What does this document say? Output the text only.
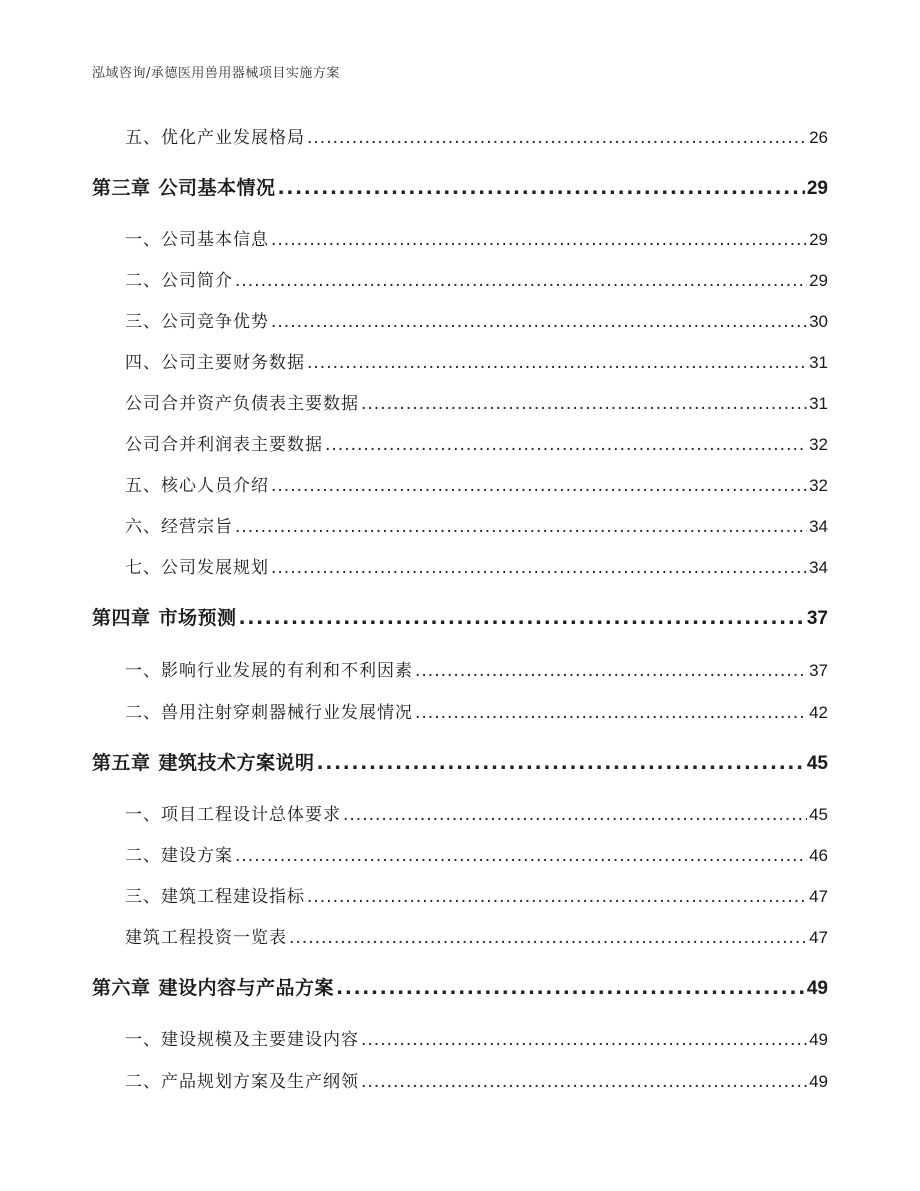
泓域咨询/承德医用兽用器械项目实施方案
五、 优化产业发展格局 .....	26
第三章 公司基本情况 .....	29
一、 公司基本信息 .....	29
二、 公司简介 .....	29
三、 公司竞争优势 .....	30
四、 公司主要财务数据 .....	31
公司合并资产负债表主要数据 .....	31
公司合并利润表主要数据 .....	32
五、 核心人员介绍 .....	32
六、 经营宗旨 .....	34
七、 公司发展规划 .....	34
第四章 市场预测 .....	37
一、 影响行业发展的有利和不利因素 .....	37
二、 兽用注射穿刺器械行业发展情况 .....	42
第五章 建筑技术方案说明 .....	45
一、 项目工程设计总体要求 .....	45
二、 建设方案 .....	46
三、 建筑工程建设指标 .....	47
建筑工程投资一览表 .....	47
第六章 建设内容与产品方案 .....	49
一、 建设规模及主要建设内容 .....	49
二、 产品规划方案及生产纲领 .....	49
